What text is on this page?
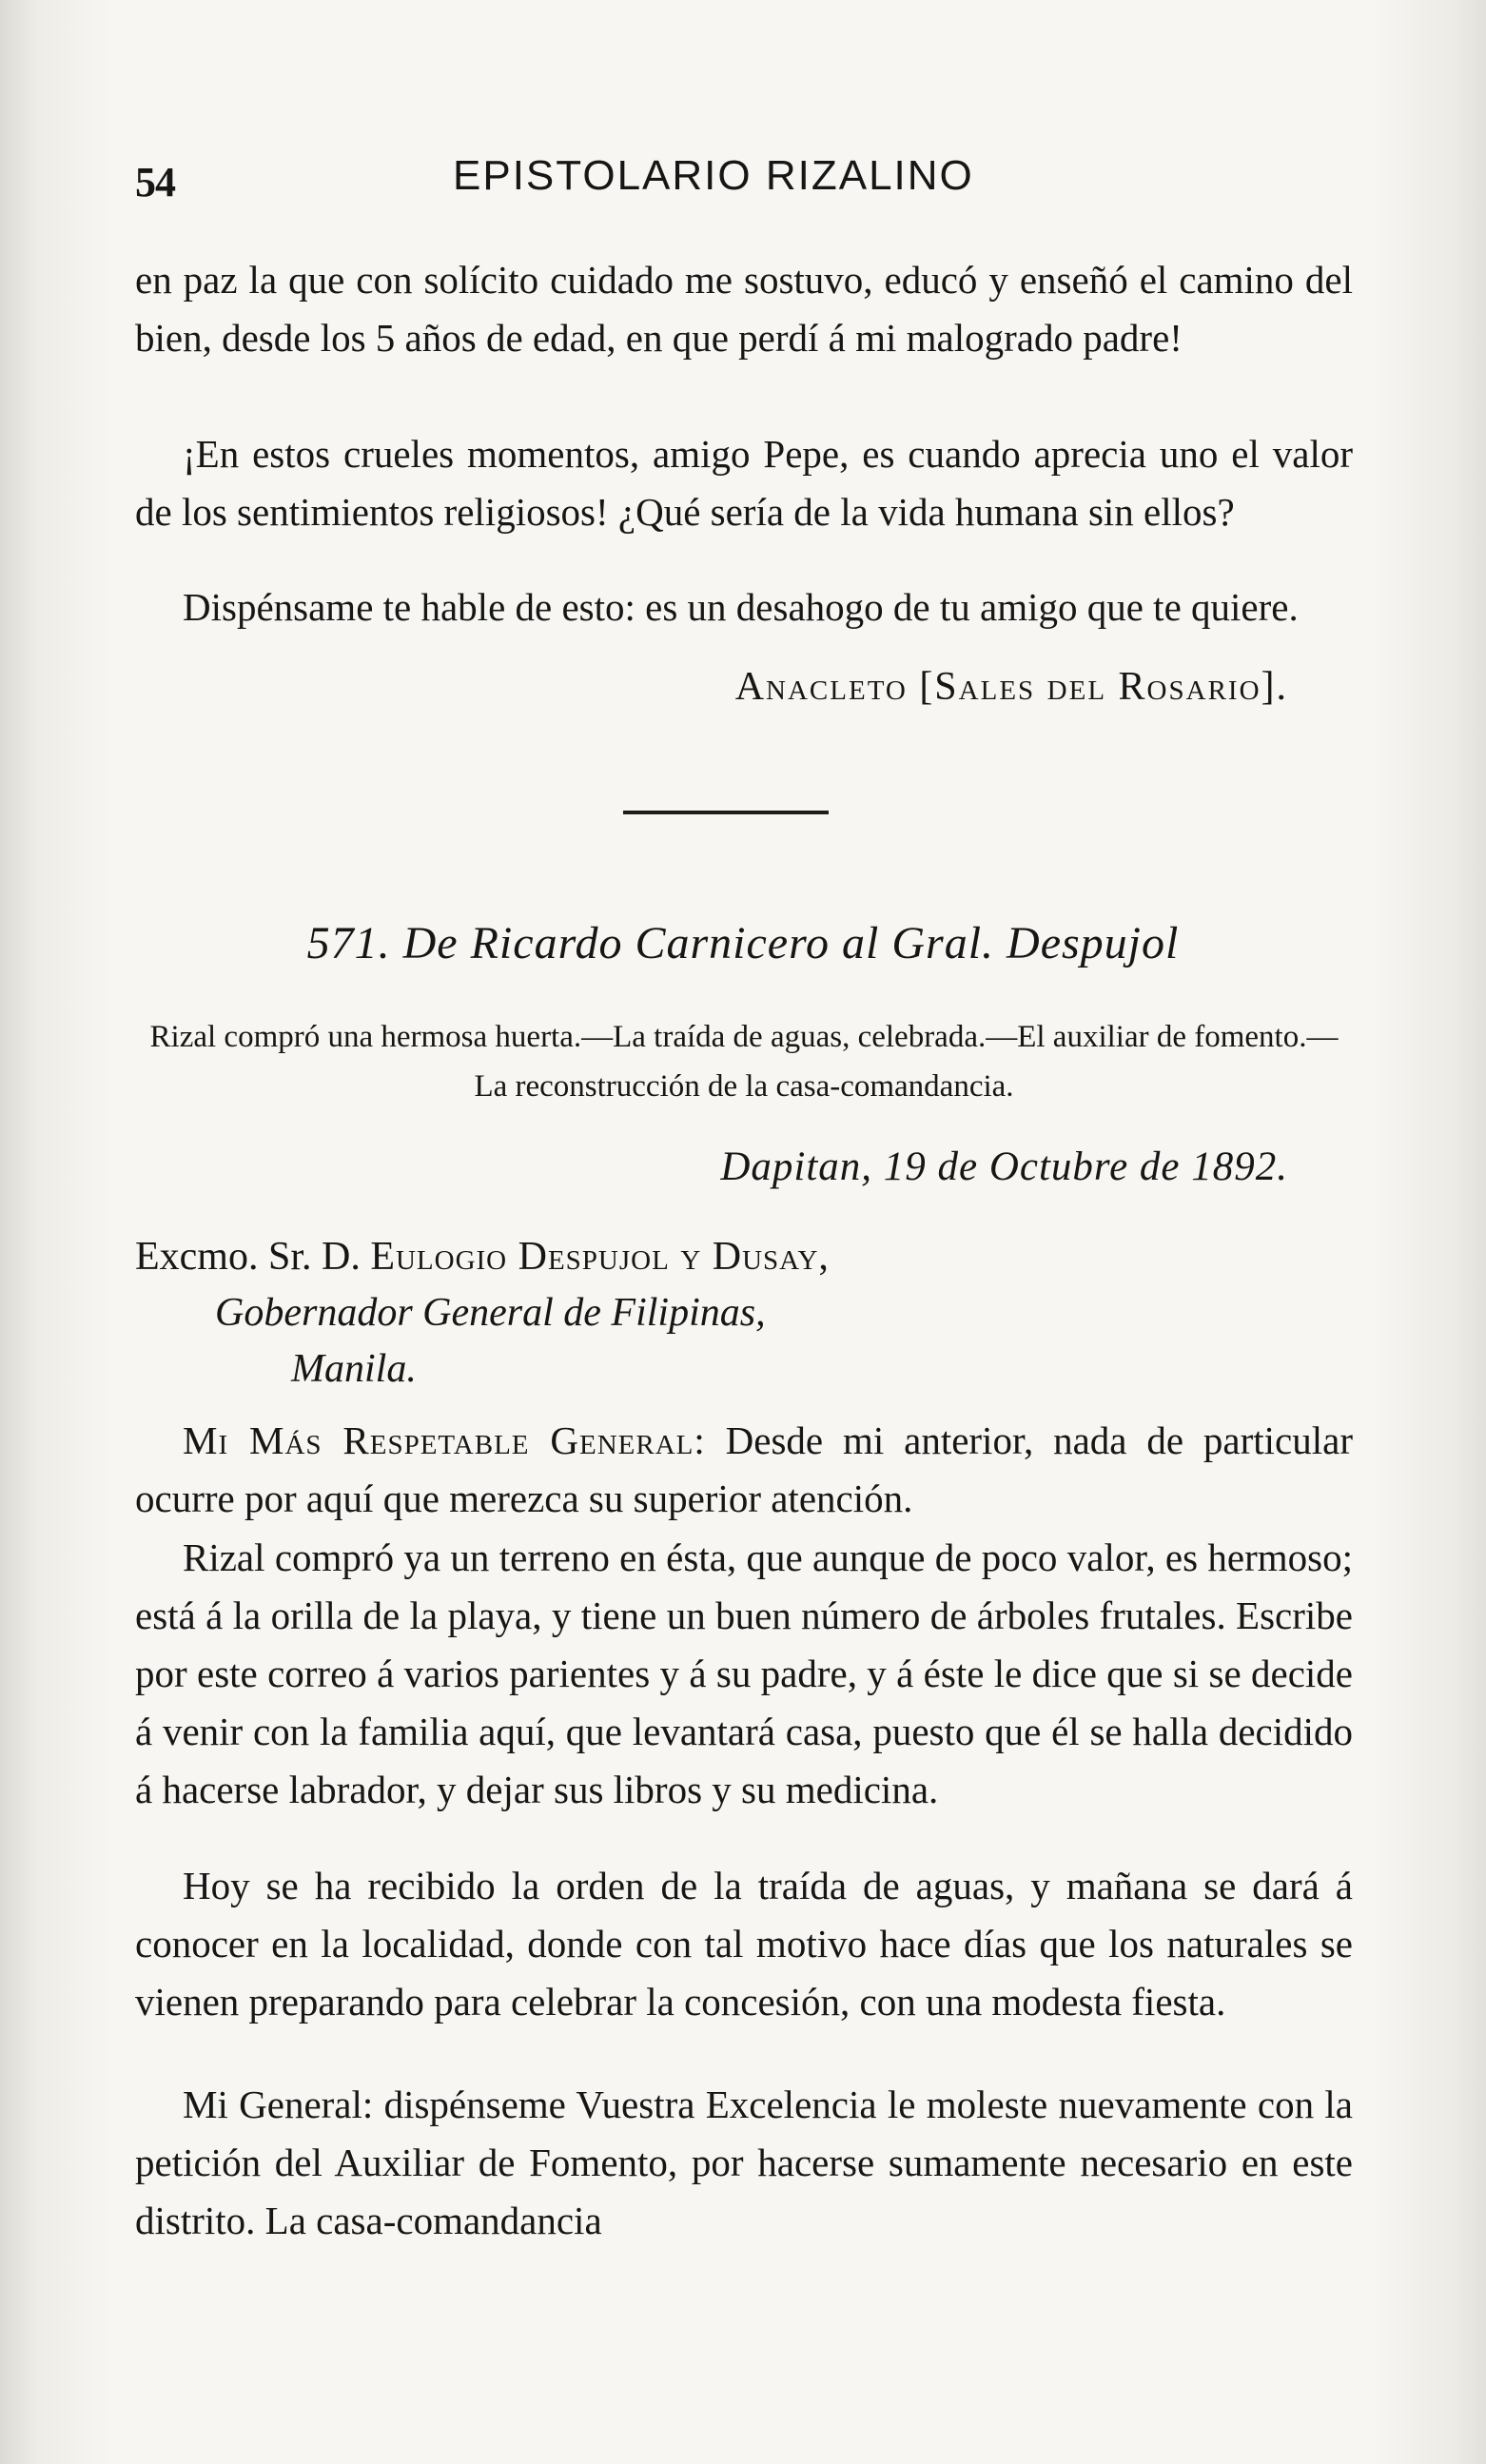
54	EPISTOLARIO RIZALINO

en paz la que con solícito cuidado me sostuvo, educó y enseñó el camino del bien, desde los 5 años de edad, en que perdí á mi malogrado padre!

¡En estos crueles momentos, amigo Pepe, es cuando aprecia uno el valor de los sentimientos religiosos! ¿Qué sería de la vida humana sin ellos?

Dispénsame te hable de esto: es un desahogo de tu amigo que te quiere.

Anacleto [Sales del Rosario].
571. De Ricardo Carnicero al Gral. Despujol

Rizal compró una hermosa huerta.—La traída de aguas, celebrada.—El auxiliar de fomento.—La reconstrucción de la casa-comandancia.

Dapitan, 19 de Octubre de 1892.
Excmo. Sr. D. Eulogio Despujol y Dusay,
Gobernador General de Filipinas,
Manila.

Mi Más Respetable General: Desde mi anterior, nada de particular ocurre por aquí que merezca su superior atención.

Rizal compró ya un terreno en ésta, que aunque de poco valor, es hermoso; está á la orilla de la playa, y tiene un buen número de árboles frutales. Escribe por este correo á varios parientes y á su padre, y á éste le dice que si se decide á venir con la familia aquí, que levantará casa, puesto que él se halla decidido á hacerse labrador, y dejar sus libros y su medicina.

Hoy se ha recibido la orden de la traída de aguas, y mañana se dará á conocer en la localidad, donde con tal motivo hace días que los naturales se vienen preparando para celebrar la concesión, con una modesta fiesta.

Mi General: dispénseme Vuestra Excelencia le moleste nuevamente con la petición del Auxiliar de Fomento, por hacerse sumamente necesario en este distrito. La casa-comandancia
